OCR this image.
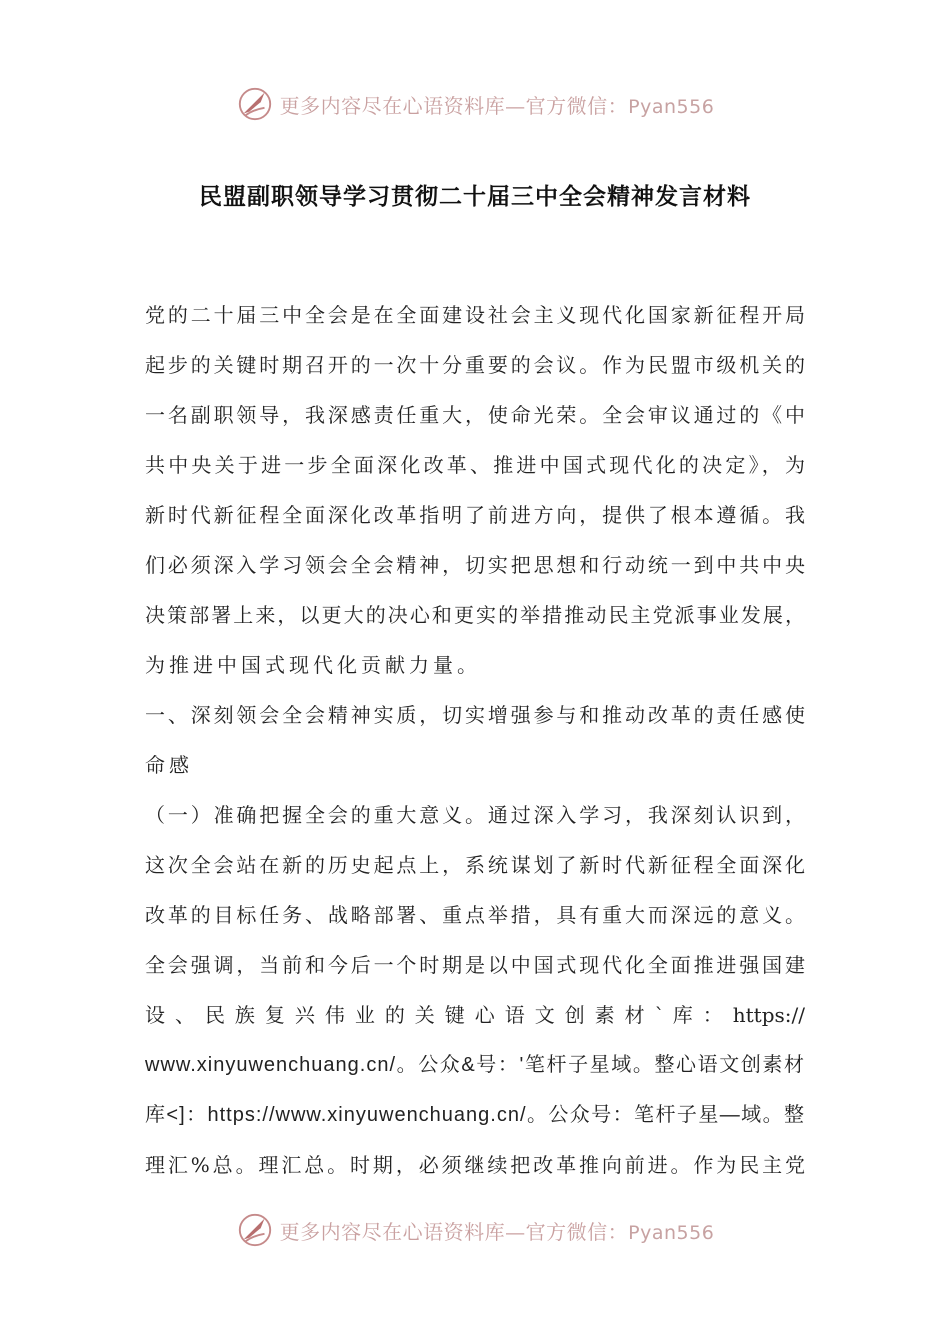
更多内容尽在心语资料库—官方微信：Pyan556
民盟副职领导学习贯彻二十届三中全会精神发言材料
党的二十届三中全会是在全面建设社会主义现代化国家新征程开局
起步的关键时期召开的一次十分重要的会议。作为民盟市级机关的
一名副职领导，我深感责任重大，使命光荣。全会审议通过的《中
共中央关于进一步全面深化改革、推进中国式现代化的决定》，为
新时代新征程全面深化改革指明了前进方向，提供了根本遵循。我
们必须深入学习领会全会精神，切实把思想和行动统一到中共中央
决策部署上来，以更大的决心和更实的举措推动民主党派事业发展，
为推进中国式现代化贡献力量。
一、深刻领会全会精神实质，切实增强参与和推动改革的责任感使
命感
（一）准确把握全会的重大意义。通过深入学习，我深刻认识到，
这次全会站在新的历史起点上，系统谋划了新时代新征程全面深化
改革的目标任务、战略部署、重点举措，具有重大而深远的意义。
全会强调，当前和今后一个时期是以中国式现代化全面推进强国建
设 、 民 族 复 兴 伟 业 的 关 键 心 语 文 创 素 材 ` 库 ： https://
www.xinyuwenchuang.cn/。公众&号：'笔杆子星域。整心语文创素材
库<]：https://www.xinyuwenchuang.cn/。公众号：笔杆子星—域。整
理汇%总。理汇总。时期，必须继续把改革推向前进。作为民主党
更多内容尽在心语资料库—官方微信：Pyan556
